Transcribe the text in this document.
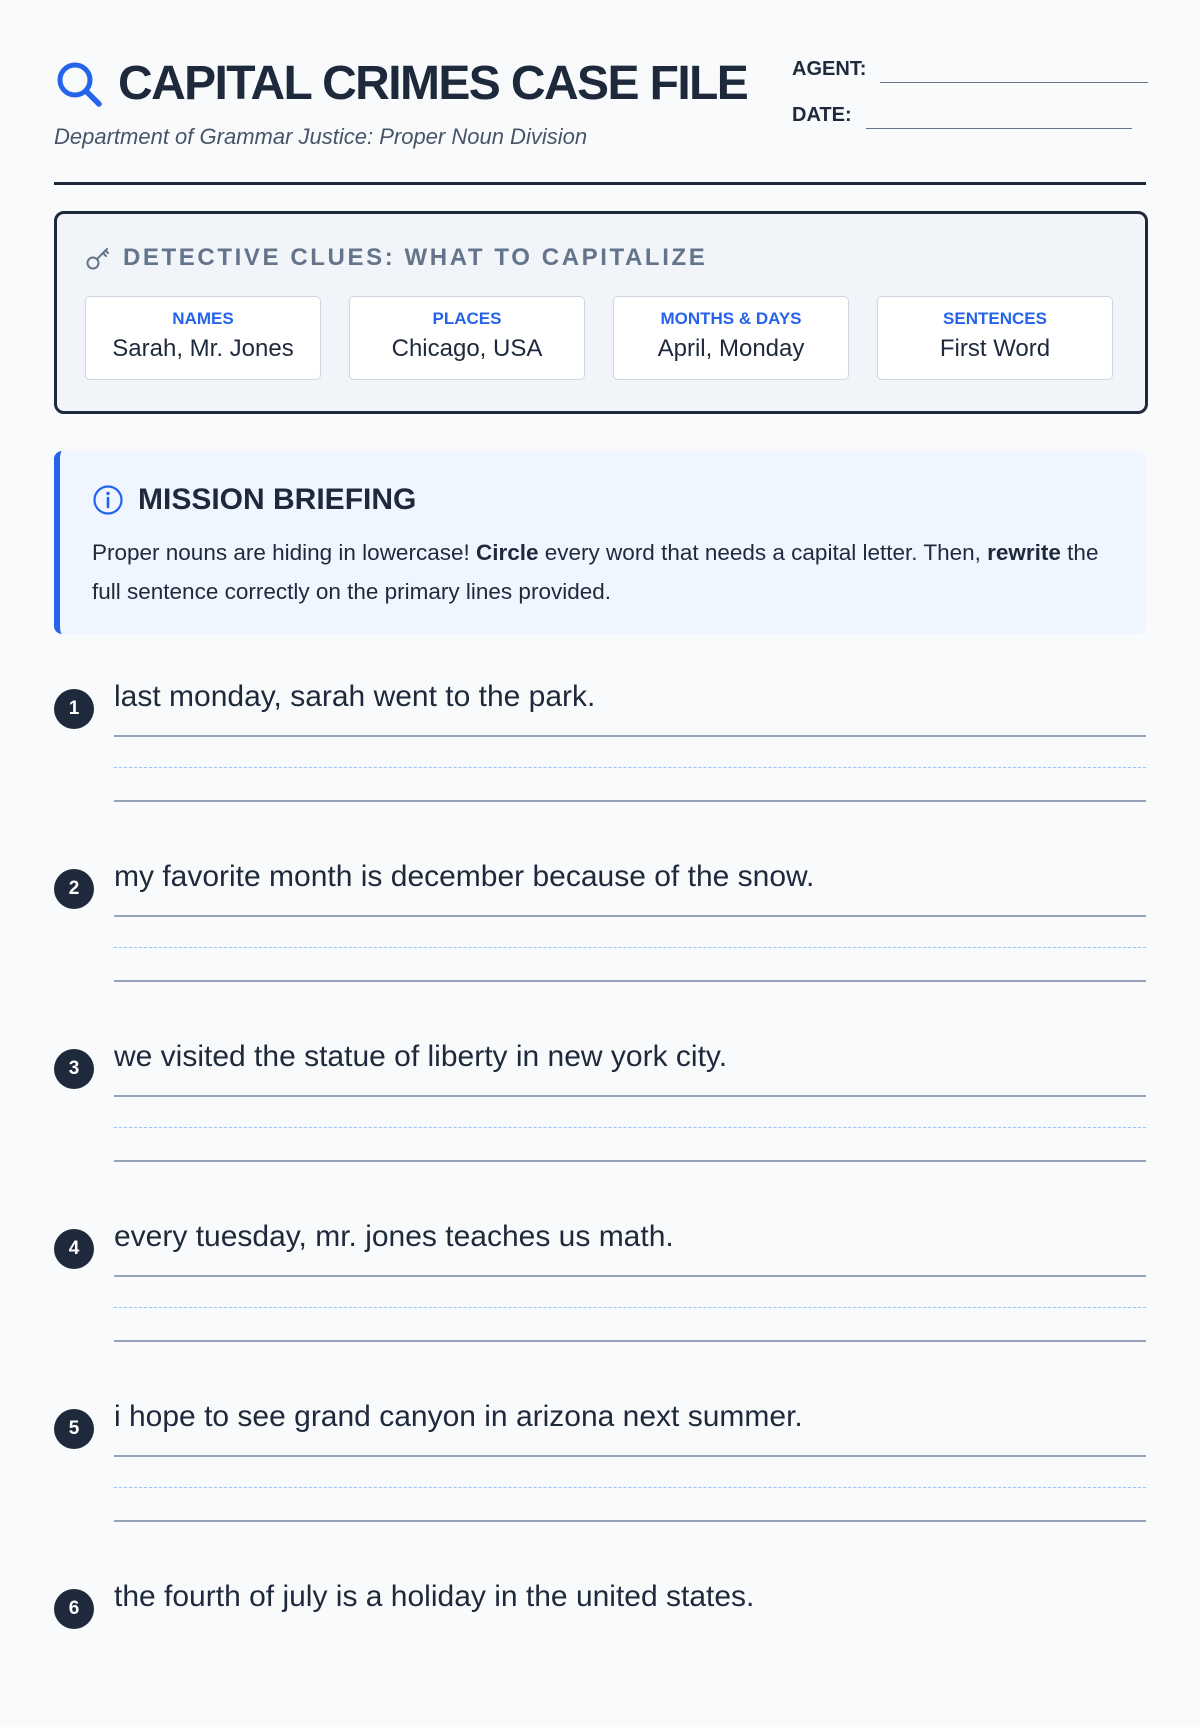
CAPITAL CRIMES CASE FILE
Department of Grammar Justice: Proper Noun Division
AGENT:
DATE:
DETECTIVE CLUES: WHAT TO CAPITALIZE
NAMES
Sarah, Mr. Jones
PLACES
Chicago, USA
MONTHS & DAYS
April, Monday
SENTENCES
First Word
MISSION BRIEFING
Proper nouns are hiding in lowercase! Circle every word that needs a capital letter. Then, rewrite the full sentence correctly on the primary lines provided.
1	last monday, sarah went to the park.
2	my favorite month is december because of the snow.
3	we visited the statue of liberty in new york city.
4	every tuesday, mr. jones teaches us math.
5	i hope to see grand canyon in arizona next summer.
6	the fourth of july is a holiday in the united states.
